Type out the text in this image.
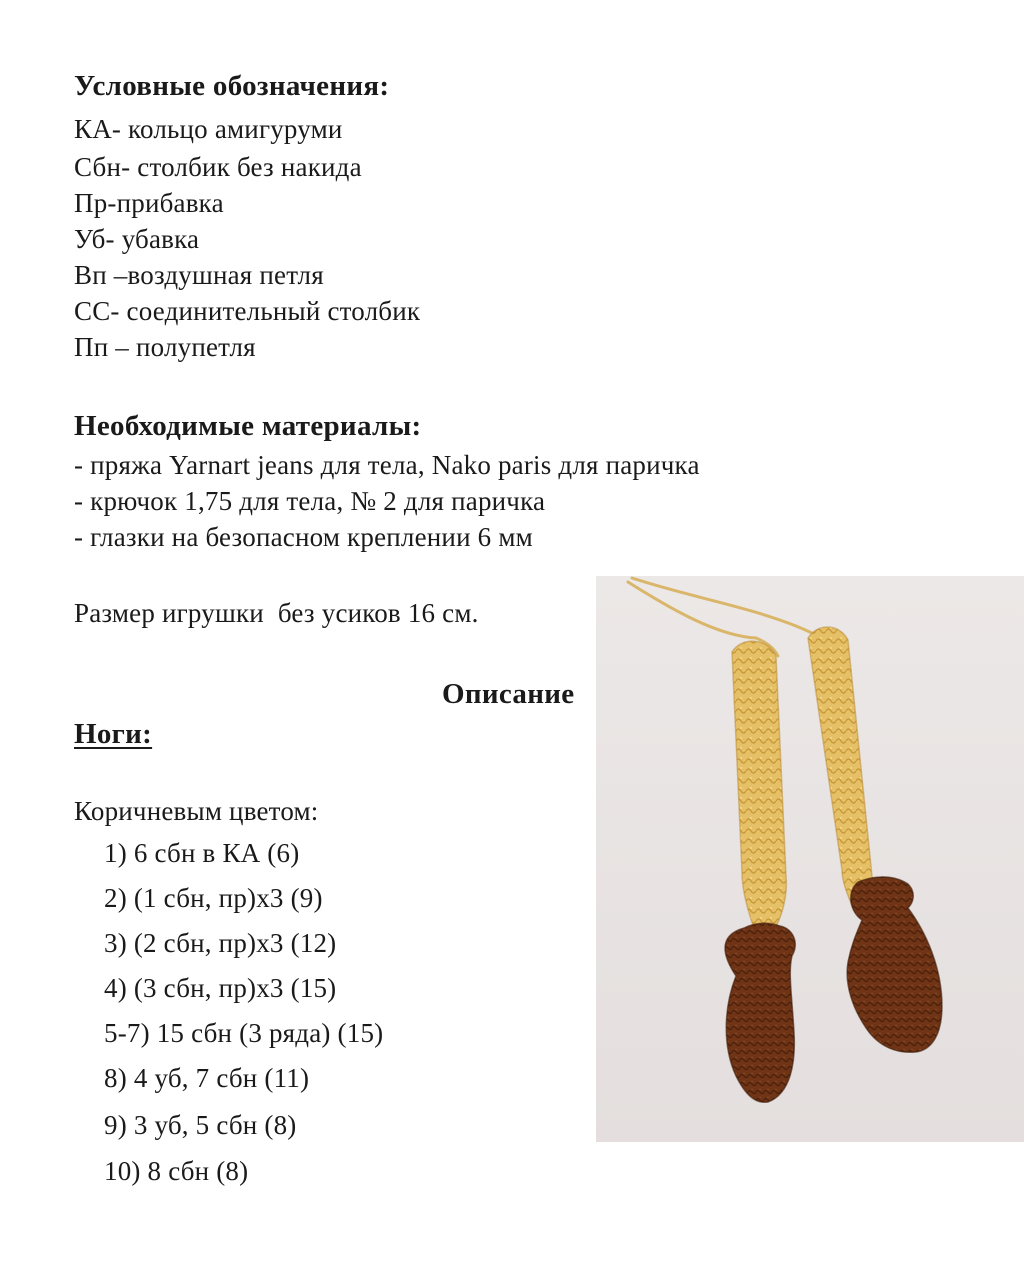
Условные обозначения:
КА- кольцо амигуруми
Сбн- столбик без накида
Пр-прибавка
Уб- убавка
Вп –воздушная петля
СС- соединительный столбик
Пп – полупетля
Необходимые материалы:
- пряжа Yarnart jeans для тела, Nako paris для паричка
- крючок 1,75 для тела, № 2 для паричка
- глазки на безопасном креплении 6 мм
Размер игрушки  без усиков 16 см.
Описание
Ноги:
Коричневым цветом:
1) 6 сбн в КА (6)
2) (1 сбн, пр)х3 (9)
3) (2 сбн, пр)х3 (12)
4) (3 сбн, пр)х3 (15)
5-7) 15 сбн (3 ряда) (15)
8) 4 уб, 7 сбн (11)
9) 3 уб, 5 сбн (8)
10) 8 сбн (8)
